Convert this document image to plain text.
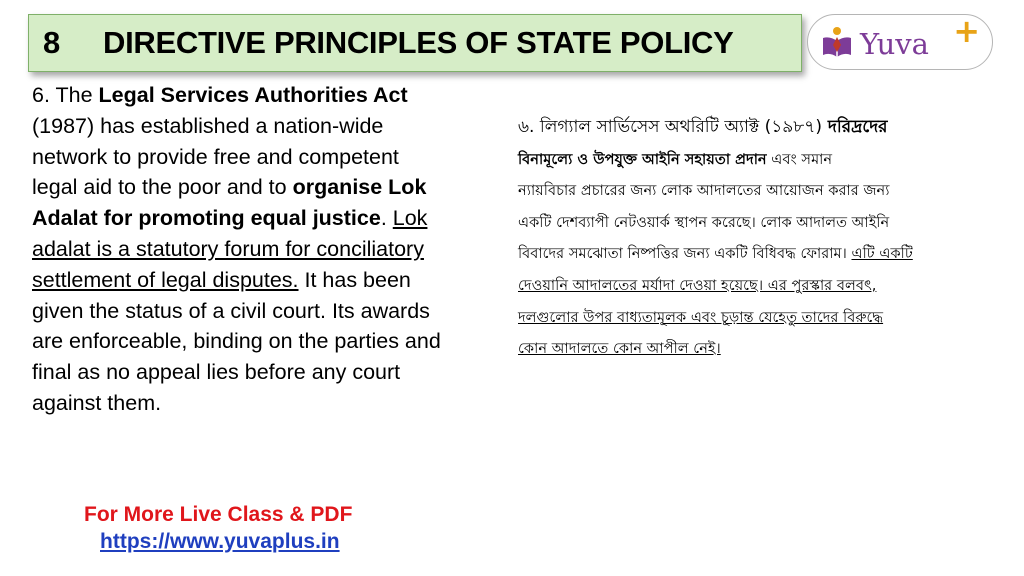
8	DIRECTIVE PRINCIPLES OF STATE POLICY	Yuva +
6. The Legal Services Authorities Act
(1987) has established a nation-wide
network to provide free and competent
legal aid to the poor and to organise Lok
Adalat for promoting equal justice. Lok
adalat is a statutory forum for conciliatory
settlement of legal disputes. It has been
given the status of a civil court. Its awards
are enforceable, binding on the parties and
final as no appeal lies before any court
against them.
৬. লিগ্যাল সার্ভিসেস অথরিটি অ্যাক্ট (১৯৮৭) দরিদ্রদের
বিনামূল্যে ও উপযুক্ত আইনি সহায়তা প্রদান এবং সমান
ন্যায়বিচার প্রচারের জন্য লোক আদালতের আয়োজন করার জন্য
একটি দেশব্যাপী নেটওয়ার্ক স্থাপন করেছে। লোক আদালত আইনি
বিবাদের সমঝোতা নিষ্পত্তির জন্য একটি বিধিবদ্ধ ফোরাম। এটি একটি
দেওয়ানি আদালতের মর্যাদা দেওয়া হয়েছে। এর পুরস্কার বলবৎ,
দলগুলোর উপর বাধ্যতামূলক এবং চূড়ান্ত যেহেতু তাদের বিরুদ্ধে
কোন আদালতে কোন আপীল নেই।
For More Live Class & PDF
https://www.yuvaplus.in
